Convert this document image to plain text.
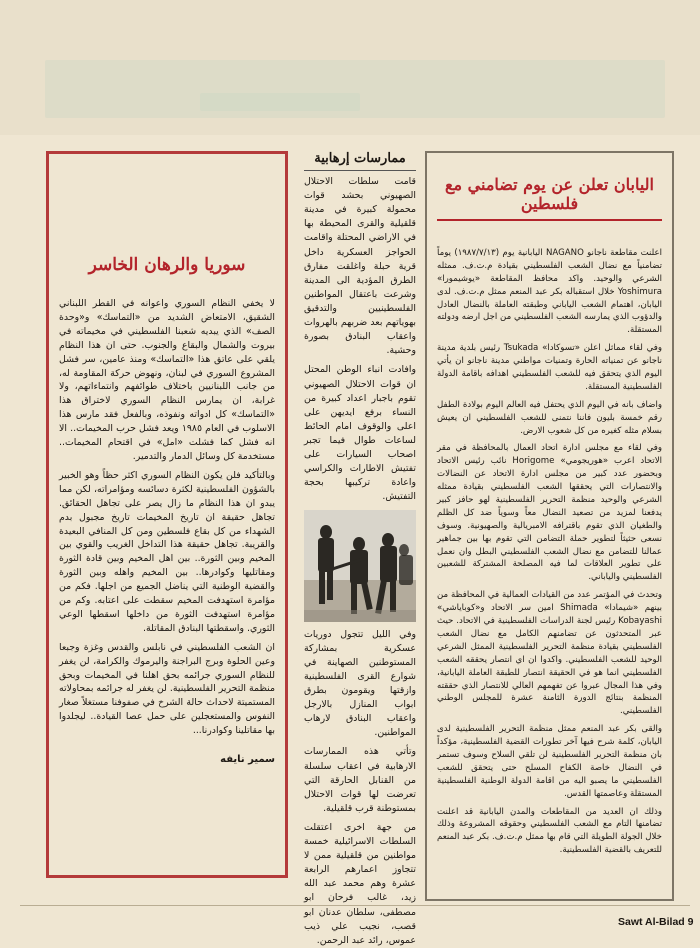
سوريا والرهان الخاسر

لا يخفي النظام السوري واعوانه في القطر اللبناني الشقيق، الامتعاض الشديد من «التماسك» و«وحدة الصف» الذي يبديه شعبنا الفلسطيني في مخيماته في بيروت والشمال والبقاع والجنوب. حتى ان هذا النظام يلقي على عاتق هذا «التماسك» ومنذ عامين، سر فشل المشروع السوري في لبنان، ونهوض حركة المقاومة له، من جانب اللبنانيين باختلاف طوائفهم وانتماءاتهم، ولا غرابة، ان يمارس النظام السوري لاختراق هذا «التماسك» كل ادواته ونفوذه، وبالفعل فقد مارس هذا الاسلوب في العام ١٩٨٥ ويعد فشل حرب المخيمات.. الا انه فشل كما فشلت «امل» في اقتحام المخيمات.. مستخدمة كل وسائل الدمار والتدمير.

وبالتأكيد فلن يكون النظام السوري اكثر حظاً وهو الخبير بالشؤون الفلسطينية لكثرة دسائسه ومؤامراته، لكن مما يبدو ان هذا النظام ما زال يصر على تجاهل الحقائق. تجاهل حقيقة ان تاريخ المخيمات تاريخ مجبول بدم الشهداء من كل بقاع فلسطين ومن كل المنافي البعيدة والقريبة. تجاهل حقيقة هذا التداخل الغريب والقوي بين المخيم وبين الثورة.. بين اهل المخيم وبين قادة الثورة ومقاتليها وكوادرها.. بين المخيم واهله وبين الثورة والقضية الوطنية التي يناضل الجميع من اجلها. فكم من مؤامرة استهدفت المخيم سقطت على اعتابه. وكم من مؤامرة استهدفت الثورة من داخلها اسقطها الوعي الثوري. واسقطتها البنادق المقاتلة.

ان الشعب الفلسطيني في نابلس والقدس وغزة وجبعا وعين الحلوة وبرج البراجنة واليرموك والكرامة، لن يغفر للنظام السوري جرائمه بحق اهلنا في المخيمات وبحق منظمة التحرير الفلسطينية. لن يغفر له جرائمه بمحاولاته المستميتة لاحداث حالة الشرخ في صفوفنا مستغلاً صغار النفوس والمستعجلين على حمل عصا القيادة.. ليجلدوا بها مقاتلينا وكوادرنا...

سمير نايفه
ممارسات إرهابية

قامت سلطات الاحتلال الصهيوني بحشد قوات محمولة كبيرة في مدينة قلقيلية والقرى المحيطة بها في الاراضي المحتلة واقامت الحواجز العسكرية داخل قرية حبلة واغلقت مفارق الطرق المؤدية الى المدينة وشرعت باعتقال المواطنين الفلسطينيين والتدقيق بهوياتهم بعد ضربهم بالهروات واعقاب البنادق بصورة وحشية.

وافادت انباء الوطن المحتل ان قوات الاحتلال الصهيوني تقوم باجبار اعداد كبيرة من النساء برفع ايديهن على اعلى والوقوف امام الحائط لساعات طوال فيما تجبر اصحاب السيارات على تفتيش الاطارات والكراسي واعادة تركيبها بحجة التفتيش.

وفي الليل تتجول دوريات عسكرية بمشاركة المستوطنين الصهاينة في شوارع القرى الفلسطينية وازقتها ويقومون بطرق ابواب المنازل بالارجل واعقاب البنادق لارهاب المواطنين.

وتأتي هذه الممارسات الارهابية في اعقاب سلسلة من القنابل الحارقة التي تعرضت لها قوات الاحتلال بمستوطنة قرب قلقيلية.

من جهة اخرى اعتقلت السلطات الاسرائيلية خمسة مواطنين من قلقيلية ممن لا تتجاوز اعمارهم الرابعة عشرة وهم محمد عبد الله زيد، غالب فرحان ابو مصطفى، سلطان عدنان ابو قصب، نجيب علي ذيب عموس، رائد عبد الرحمن.

اليابان تعلن عن يوم تضامني مع فلسطين

اعلنت مقاطعة ناجانو NAGANO اليابانية يوم (١٩٨٧/٧/١٣) يوماً تضامنياً مع نضال الشعب الفلسطيني بقيادة م.ت.ف. ممثله الشرعي والوحيد. واكد محافظ المقاطعة «يوشيمورا» Yoshimura خلال استقباله بكر عبد المنعم ممثل م.ت.ف. لدى اليابان، اهتمام الشعب الياباني وطبقته العاملة بالنضال العادل والدؤوب الذي يمارسه الشعب الفلسطيني من اجل ارضه ودولته المستقلة.

وفي لقاء مماثل اعلن «تسوكادا» Tsukada رئيس بلدية مدينة ناجانو عن تمنياته الحارة وتمنيات مواطني مدينة ناجانو ان يأتي اليوم الذي يتحقق فيه للشعب الفلسطيني اهدافه باقامة الدولة الفلسطينية المستقلة.

واضاف بانه في اليوم الذي يحتفل فيه العالم اليوم بولادة الطفل رقم خمسة بليون فاننا نتمنى للشعب الفلسطيني ان يعيش بسلام مثله كغيره من كل شعوب الارض.

وفي لقاء مع مجلس ادارة اتحاد العمال بالمحافظة في مقر الاتحاد اعرب «هوريجومي» Horigome نائب رئيس الاتحاد وبحضور عدد كبير من مجلس ادارة الاتحاد عن النضالات والانتصارات التي يحققها الشعب الفلسطيني بقيادة ممثله الشرعي والوحيد منظمة التحرير الفلسطينية لهو حافز كبير يدفعنا لمزيد من تصعيد النضال معاً وسوياً ضد كل الظلم والطغيان الذي تقوم باقترافه الامبريالية والصهيونية. وسوف نسعى حثيثاً لتطوير حملة التضامن التي تقوم بها بين جماهير عمالنا للتضامن مع نضال الشعب الفلسطيني البطل وان نعمل على تطوير العلاقات لما فيه المصلحة المشتركة للشعبين الفلسطيني والياباني.

وتحدث في المؤتمر عدد من القيادات العمالية في المحافظة من بينهم «شيمادا» Shimada امين سر الاتحاد و«كوباياشي» Kobayashi رئيس لجنة الدراسات الفلسطينية في الاتحاد. حيث عبر المتحدثون عن تضامنهم الكامل مع نضال الشعب الفلسطيني بقيادة منظمة التحرير الفلسطينية الممثل الشرعي الوحيد للشعب الفلسطيني. واكدوا ان اي انتصار يحققه الشعب الفلسطيني انما هو في الحقيقة انتصار للطبقة العاملة اليابانية، وفي هذا المجال عبروا عن تفهمهم العالي للانتصار الذي حققته المنظمة بنتائج الدورة الثامنة عشرة للمجلس الوطني الفلسطيني.

والقى بكر عبد المنعم ممثل منظمة التحرير الفلسطينية لدى اليابان، كلمة شرح فيها آخر تطورات القضية الفلسطينية، مؤكداً بان منظمة التحرير الفلسطينية لن تلقي السلاح وسوف تستمر في النضال خاصة الكفاح المسلح حتى يتحقق للشعب الفلسطيني ما يصبو اليه من اقامة الدولة الوطنية الفلسطينية المستقلة وعاصمتها القدس.

وذلك ان العديد من المقاطعات والمدن اليابانية قد اعلنت تضامنها التام مع الشعب الفلسطيني وحقوقه المشروعة وذلك خلال الجولة الطويلة التي قام بها ممثل م.ت.ف. بكر عبد المنعم للتعريف بالقضية الفلسطينية.

Sawt Al-Bilad 9
